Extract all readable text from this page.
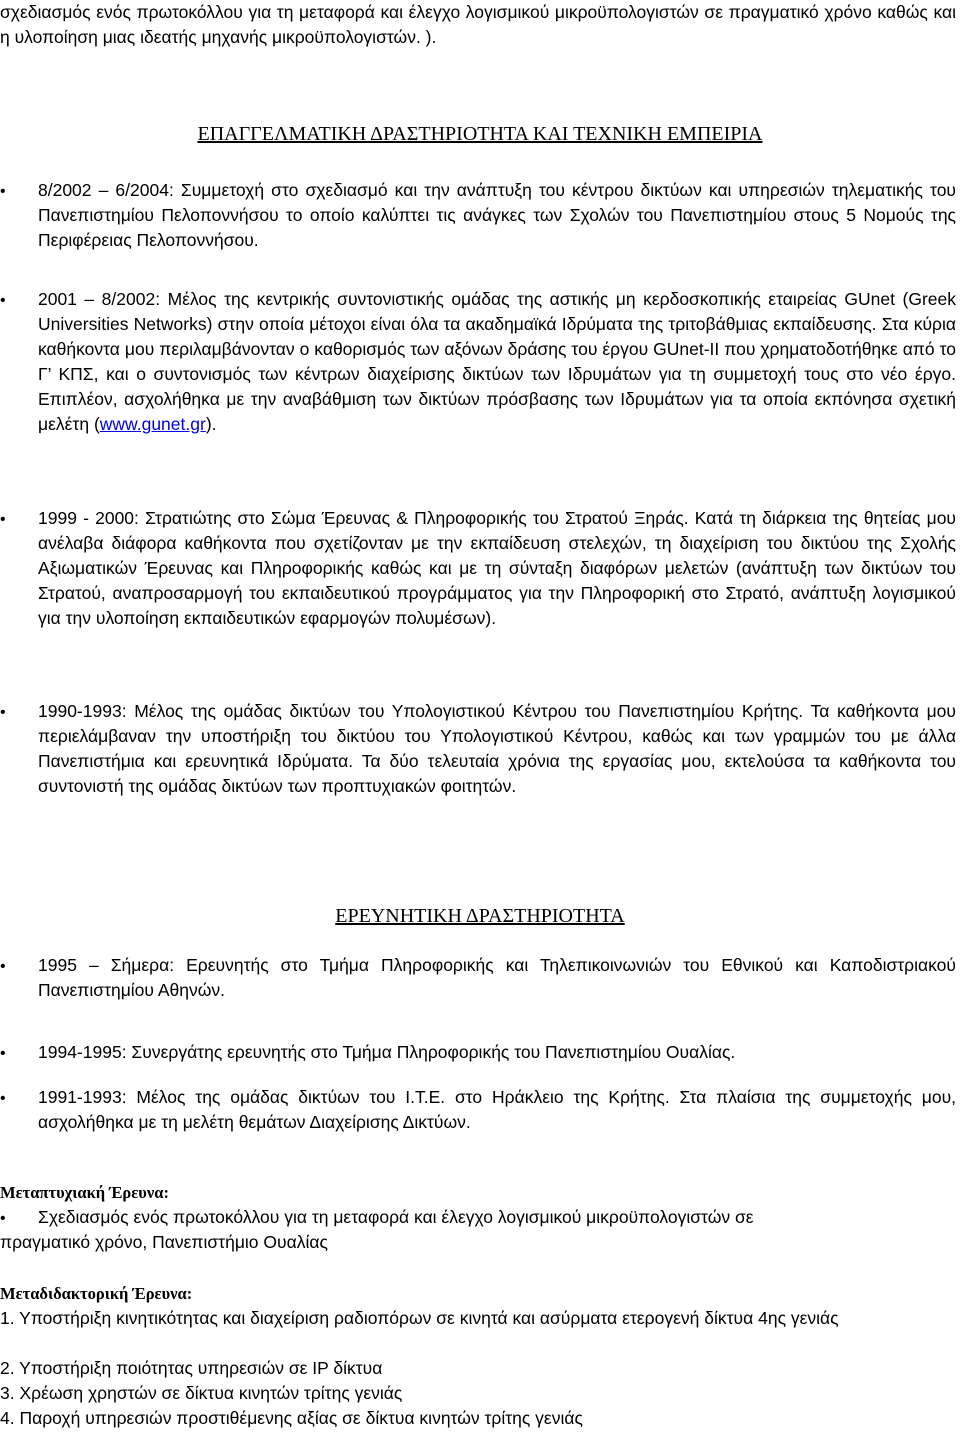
σχεδιασμός ενός πρωτοκόλλου για τη μεταφορά και έλεγχο λογισμικού μικροϋπολογιστών σε πραγματικό χρόνο καθώς και η υλοποίηση μιας ιδεατής μηχανής μικροϋπολογιστών. ).
ΕΠΑΓΓΕΛΜΑΤΙΚΗ ΔΡΑΣΤΗΡΙΟΤΗΤΑ ΚΑΙ ΤΕΧΝΙΚΗ ΕΜΠΕΙΡΙΑ
•
8/2002 – 6/2004: Συμμετοχή στο σχεδιασμό και την ανάπτυξη του κέντρου δικτύων και υπηρεσιών τηλεματικής του Πανεπιστημίου Πελοποννήσου το οποίο καλύπτει τις ανάγκες των Σχολών του Πανεπιστημίου στους 5 Νομούς της Περιφέρειας Πελοποννήσου.
•
2001 – 8/2002: Μέλος της κεντρικής συντονιστικής ομάδας της αστικής μη κερδοσκοπικής εταιρείας GUnet (Greek Universities Networks) στην οποία μέτοχοι είναι όλα τα ακαδημαϊκά Ιδρύματα της τριτοβάθμιας εκπαίδευσης. Στα κύρια καθήκοντα μου περιλαμβάνονταν ο καθορισμός των αξόνων δράσης του έργου GUnet-II που χρηματοδοτήθηκε από το Γ’ ΚΠΣ, και ο συντονισμός των κέντρων διαχείρισης δικτύων των Ιδρυμάτων για τη συμμετοχή τους στο νέο έργο. Επιπλέον, ασχολήθηκα με την αναβάθμιση των δικτύων πρόσβασης των Ιδρυμάτων για τα οποία εκπόνησα σχετική μελέτη (www.gunet.gr).
•
1999 - 2000: Στρατιώτης στο Σώμα Έρευνας & Πληροφορικής του Στρατού Ξηράς. Κατά τη διάρκεια της θητείας μου ανέλαβα διάφορα καθήκοντα που σχετίζονταν με την εκπαίδευση στελεχών, τη διαχείριση του δικτύου της Σχολής Αξιωματικών Έρευνας και Πληροφορικής καθώς και με τη σύνταξη διαφόρων μελετών (ανάπτυξη των δικτύων του Στρατού, αναπροσαρμογή του εκπαιδευτικού προγράμματος για την Πληροφορική στο Στρατό, ανάπτυξη λογισμικού για την υλοποίηση εκπαιδευτικών εφαρμογών πολυμέσων).
•
1990-1993: Μέλος της ομάδας δικτύων του Υπολογιστικού Κέντρου του Πανεπιστημίου Κρήτης. Τα καθήκοντα μου περιελάμβαναν την υποστήριξη του δικτύου του Υπολογιστικού Κέντρου, καθώς και των γραμμών του με άλλα Πανεπιστήμια και ερευνητικά Ιδρύματα. Τα δύο τελευταία χρόνια της εργασίας μου, εκτελούσα τα καθήκοντα του συντονιστή της ομάδας δικτύων των προπτυχιακών φοιτητών.
ΕΡΕΥΝΗΤΙΚΗ ΔΡΑΣΤΗΡΙΟΤΗΤΑ
•
1995 – Σήμερα: Ερευνητής στο Τμήμα Πληροφορικής και Τηλεπικοινωνιών του Εθνικού και Καποδιστριακού Πανεπιστημίου Αθηνών.
•
1994-1995: Συνεργάτης ερευνητής στο Τμήμα Πληροφορικής του Πανεπιστημίου Ουαλίας.
•
1991-1993: Μέλος της ομάδας δικτύων του Ι.Τ.Ε. στο Ηράκλειο της Κρήτης. Στα πλαίσια της συμμετοχής μου, ασχολήθηκα με τη μελέτη θεμάτων Διαχείρισης Δικτύων.
Μεταπτυχιακή Έρευνα:
•
Σχεδιασμός ενός πρωτοκόλλου για τη μεταφορά και έλεγχο λογισμικού μικροϋπολογιστών σε
πραγματικό χρόνο, Πανεπιστήμιο Ουαλίας
Μεταδιδακτορική Έρευνα:
1. Υποστήριξη κινητικότητας και διαχείριση ραδιοπόρων σε κινητά και ασύρματα ετερογενή δίκτυα 4ης γενιάς
2. Υποστήριξη ποιότητας υπηρεσιών σε IP δίκτυα
3. Χρέωση χρηστών σε δίκτυα κινητών τρίτης γενιάς
4. Παροχή υπηρεσιών προστιθέμενης αξίας σε δίκτυα κινητών τρίτης γενιάς
